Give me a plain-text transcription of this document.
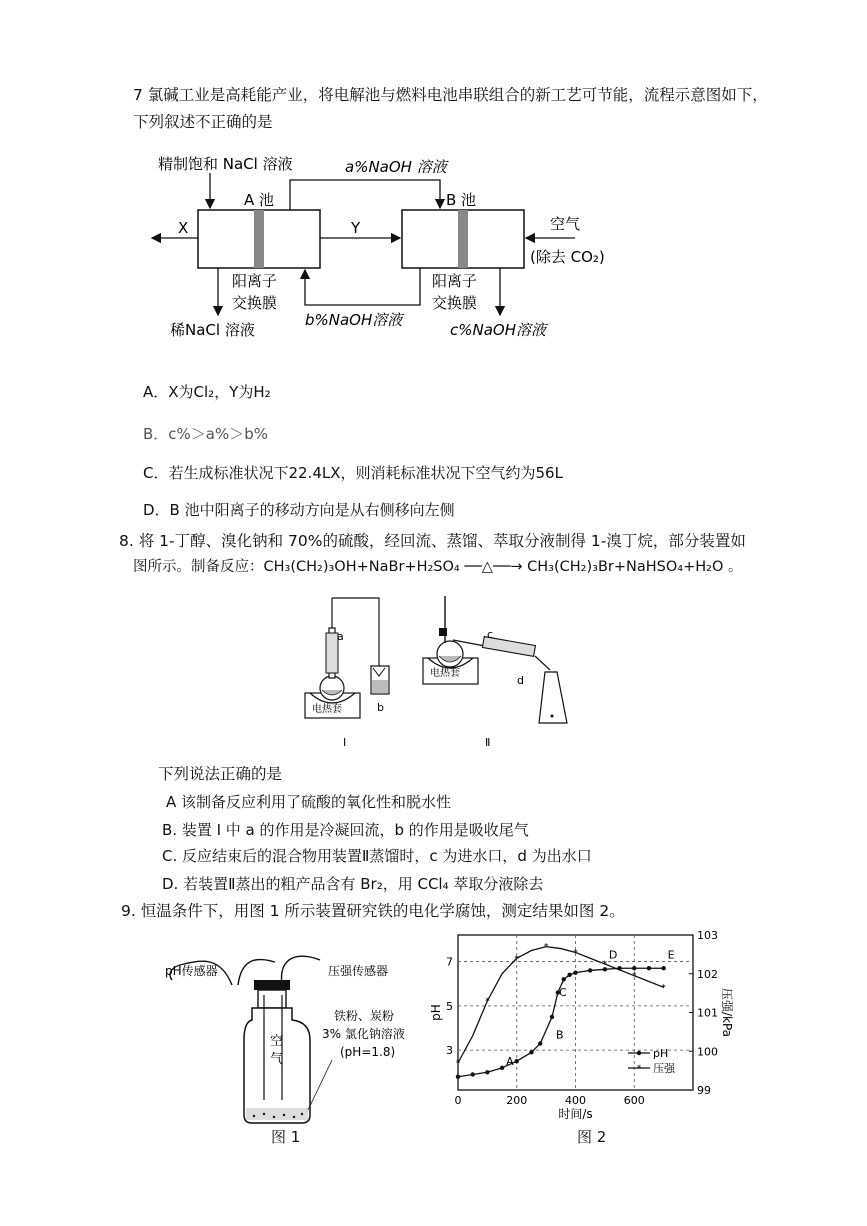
7 氯碱工业是高耗能产业，将电解池与燃料电池串联组合的新工艺可节能，流程示意图如下，
下列叙述不正确的是
精制饱和 NaCl 溶液	a%NaOH 溶液
A 池	B 池
X	Y	空气
(除去 CO₂)
阳离子
交换膜
阳离子
交换膜
稀NaCl 溶液
b%NaOH溶液
c%NaOH溶液
A．X为Cl₂，Y为H₂
B．c%＞a%＞b%
C．若生成标准状况下22.4LX，则消耗标准状况下空气约为56L
D．B 池中阳离子的移动方向是从右侧移向左侧
8. 将 1-丁醇、溴化钠和 70%的硫酸，经回流、蒸馏、萃取分液制得 1-溴丁烷，部分装置如
图所示。制备反应：CH₃(CH₂)₃OH+NaBr+H₂SO₄ ──△──→ CH₃(CH₂)₃Br+NaHSO₄+H₂O 。
a
b
c
d
电热套
电热套
I	Ⅱ
下列说法正确的是
A 该制备反应利用了硫酸的氧化性和脱水性
B. 装置 I 中 a 的作用是冷凝回流，b 的作用是吸收尾气
C. 反应结束后的混合物用装置Ⅱ蒸馏时，c 为进水口，d 为出水口
D. 若装置Ⅱ蒸出的粗产品含有 Br₂，用 CCl₄ 萃取分液除去
9. 恒温条件下，用图 1 所示装置研究铁的电化学腐蚀，测定结果如图 2。
pH传感器	压强传感器
空
气
铁粉、炭粉
3% 氯化钠溶液
(pH=1.8)
图 1
0	200	400	600
3
5
7
99
100
101
102
103
时间/s
pH	压强/kPa
*
*
*
*
*
*
*
*
A
B
C
D	E
pH
* 压强
图 2
